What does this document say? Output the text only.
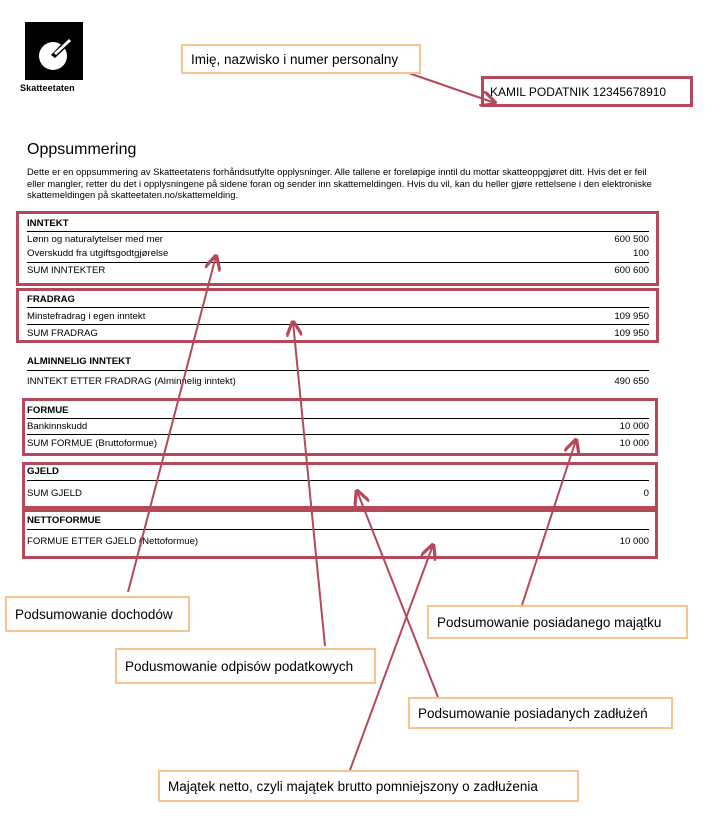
Skatteetaten
Oppsummering
Dette er en oppsummering av Skatteetatens forhåndsutfylte opplysninger. Alle tallene er foreløpige inntil du mottar skatteoppgjøret ditt. Hvis det er feil eller mangler, retter du det i opplysningene på sidene foran og sender inn skattemeldingen. Hvis du vil, kan du heller gjøre rettelsene i den elektroniske skattemeldingen på skatteetaten.no/skattemelding.
INNTEKT
Lønn og naturalytelser med mer	600 500
Overskudd fra utgiftsgodtgjørelse	100
SUM INNTEKTER	600 600
FRADRAG
Minstefradrag i egen inntekt	109 950
SUM FRADRAG	109 950
ALMINNELIG INNTEKT
INNTEKT ETTER FRADRAG (Alminnelig inntekt)	490 650
FORMUE
Bankinnskudd	10 000
SUM FORMUE (Bruttoformue)	10 000
GJELD
SUM GJELD	0
NETTOFORMUE
FORMUE ETTER GJELD (Nettoformue)	10 000
KAMIL PODATNIK 12345678910
Imię, nazwisko i numer personalny
Podsumowanie dochodów
Podusmowanie odpisów podatkowych
Podsumowanie posiadanego majątku
Podsumowanie posiadanych zadłużeń
Majątek netto, czyli majątek brutto pomniejszony o zadłużenia
